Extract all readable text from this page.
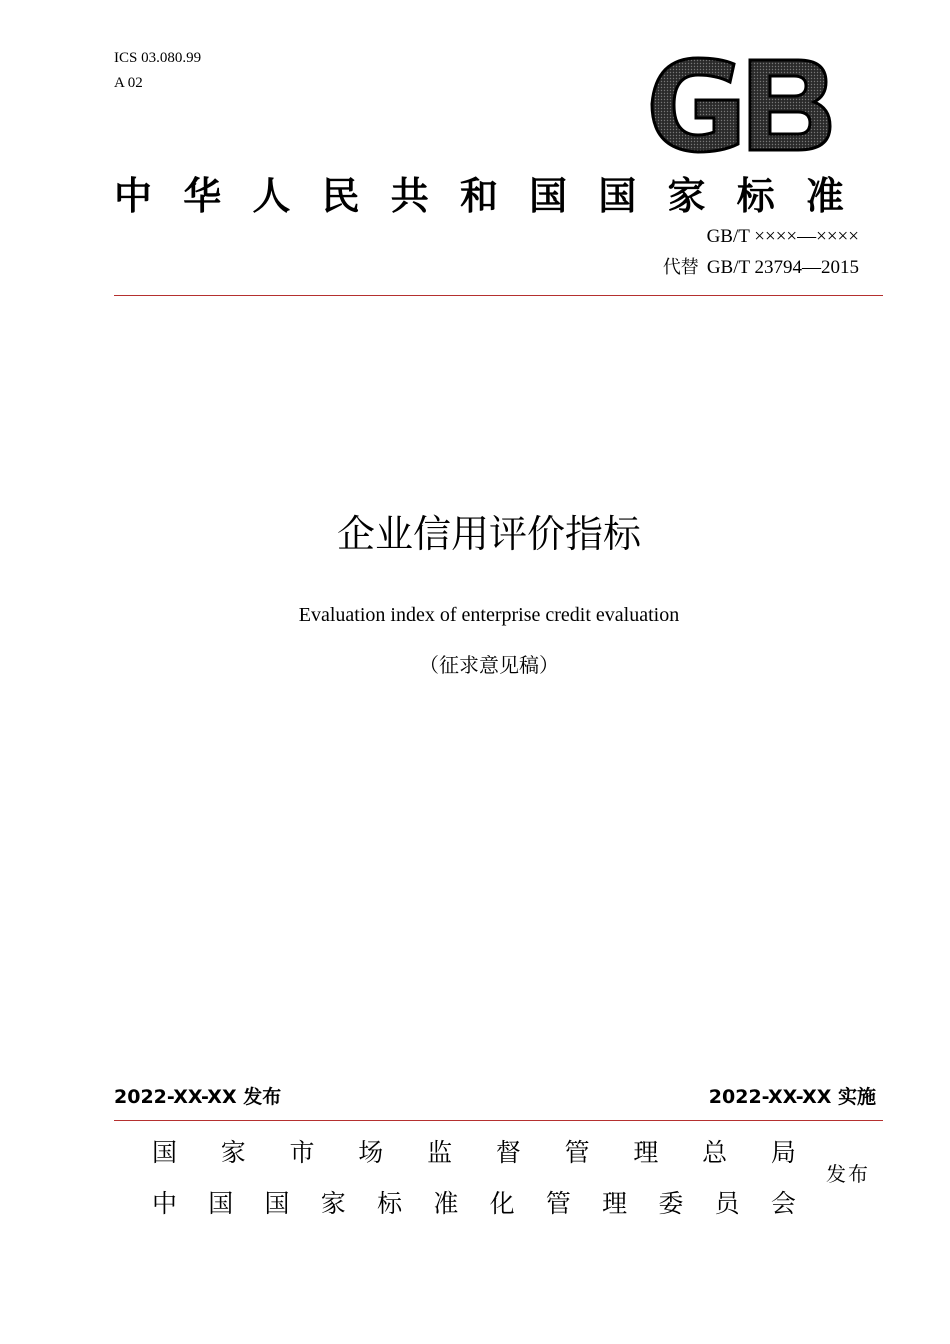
ICS 03.080.99
A 02
中 华 人 民 共 和 国 国 家 标 准
GB/T ××××—××××
代替 GB/T 23794—2015
企业信用评价指标
Evaluation index of enterprise credit evaluation
（征求意见稿）
2022-XX-XX 发布	2022-XX-XX 实施
国 家 市 场 监 督 管 理 总 局
中 国 国 家 标 准 化 管 理 委 员 会
发布
